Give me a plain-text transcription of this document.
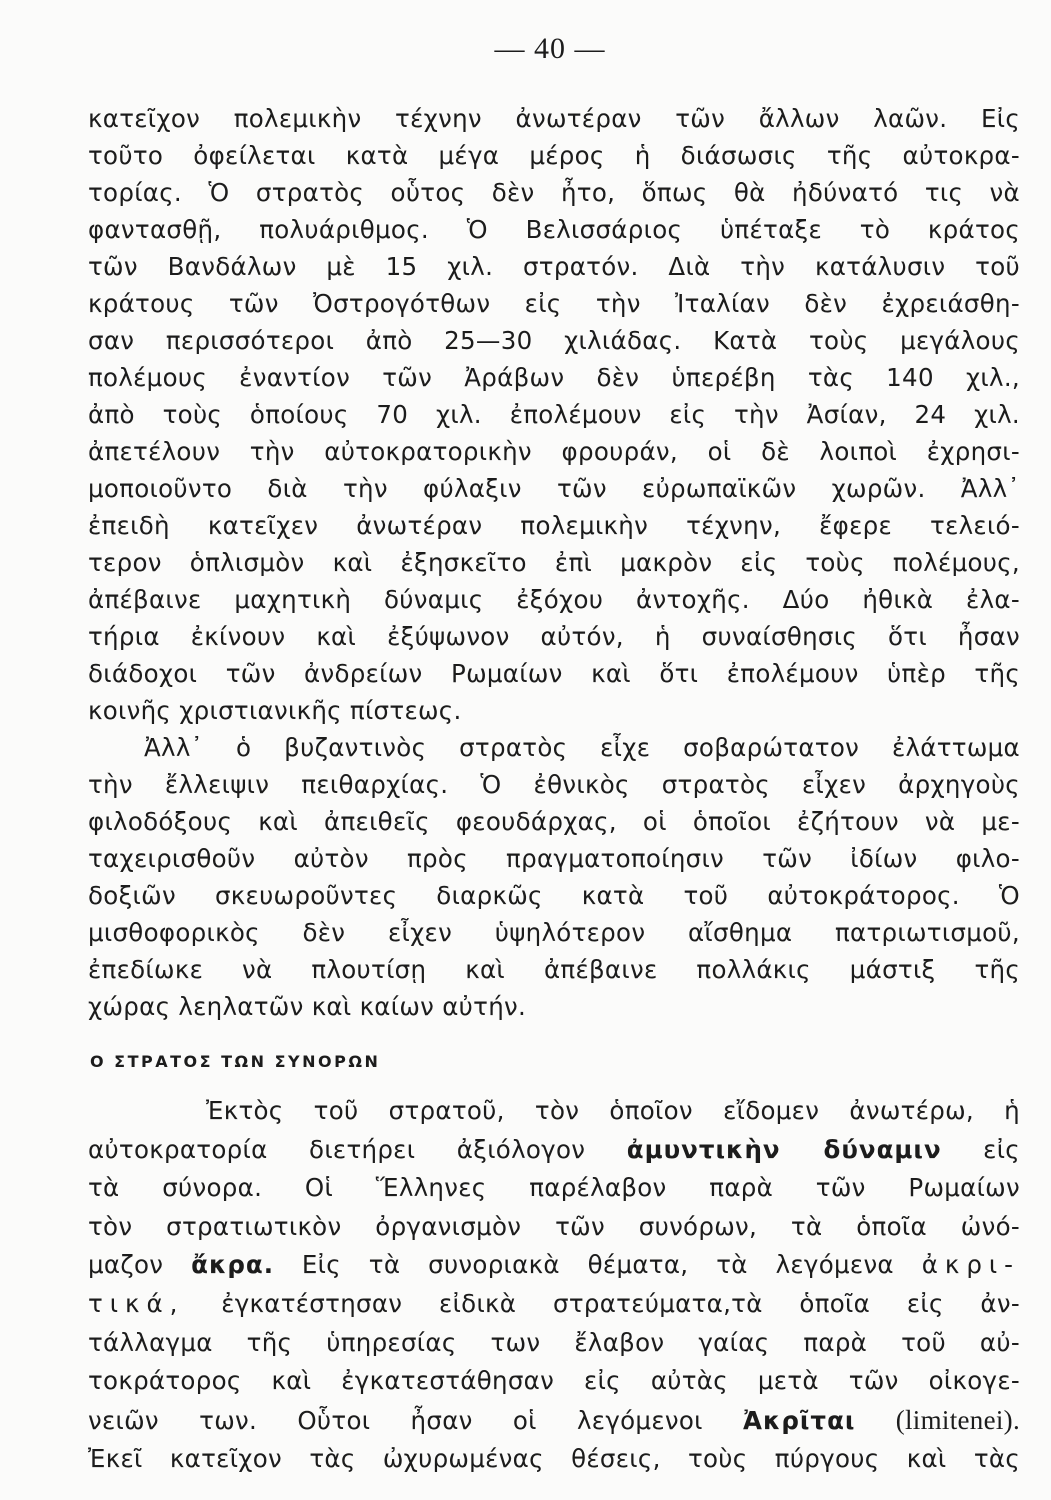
— 40 —
κατεῖχον πολεμικὴν τέχνην ἀνωτέραν τῶν ἄλλων λαῶν. Εἰς
τοῦτο ὀφείλεται κατὰ μέγα μέρος ἡ διάσωσις τῆς αὐτοκρα-
τορίας. Ὁ στρατὸς οὗτος δὲν ἦτο, ὅπως θὰ ἠδύνατό τις νὰ
φαντασθῇ, πολυάριθμος. Ὁ Βελισσάριος ὑπέταξε τὸ κράτος
τῶν Βανδάλων μὲ 15 χιλ. στρατόν. Διὰ τὴν κατάλυσιν τοῦ
κράτους τῶν Ὀστρογότθων εἰς τὴν Ἰταλίαν δὲν ἐχρειάσθη-
σαν περισσότεροι ἀπὸ 25—30 χιλιάδας. Κατὰ τοὺς μεγάλους
πολέμους ἐναντίον τῶν Ἀράβων δὲν ὑπερέβη τὰς 140 χιλ.,
ἀπὸ τοὺς ὁποίους 70 χιλ. ἐπολέμουν εἰς τὴν Ἀσίαν, 24 χιλ.
ἀπετέλουν τὴν αὐτοκρατορικὴν φρουράν, οἱ δὲ λοιποὶ ἐχρησι-
μοποιοῦντο διὰ τὴν φύλαξιν τῶν εὐρωπαϊκῶν χωρῶν. Ἀλλ᾽
ἐπειδὴ κατεῖχεν ἀνωτέραν πολεμικὴν τέχνην, ἔφερε τελειό-
τερον ὁπλισμὸν καὶ ἐξησκεῖτο ἐπὶ μακρὸν εἰς τοὺς πολέμους,
ἀπέβαινε μαχητικὴ δύναμις ἐξόχου ἀντοχῆς. Δύο ἠθικὰ ἐλα-
τήρια ἐκίνουν καὶ ἐξύψωνον αὐτόν, ἡ συναίσθησις ὅτι ἦσαν
διάδοχοι τῶν ἀνδρείων Ρωμαίων καὶ ὅτι ἐπολέμουν ὑπὲρ τῆς
κοινῆς χριστιανικῆς πίστεως.
Ἀλλ᾽ ὁ βυζαντινὸς στρατὸς εἶχε σοβαρώτατον ἐλάττωμα
τὴν ἔλλειψιν πειθαρχίας. Ὁ ἐθνικὸς στρατὸς εἶχεν ἀρχηγοὺς
φιλοδόξους καὶ ἀπειθεῖς φεουδάρχας, οἱ ὁποῖοι ἐζήτουν νὰ με-
ταχειρισθοῦν αὐτὸν πρὸς πραγματοποίησιν τῶν ἰδίων φιλο-
δοξιῶν σκευωροῦντες διαρκῶς κατὰ τοῦ αὐτοκράτορος. Ὁ
μισθοφορικὸς δὲν εἶχεν ὑψηλότερον αἴσθημα πατριωτισμοῦ,
ἐπεδίωκε νὰ πλουτίσῃ καὶ ἀπέβαινε πολλάκις μάστιξ τῆς
χώρας λεηλατῶν καὶ καίων αὐτήν.
Ο ΣΤΡΑΤΟΣ ΤΩΝ ΣΥΝΟΡΩΝ
Ἐκτὸς τοῦ στρατοῦ, τὸν ὁποῖον εἴδομεν ἀνωτέρω, ἡ
αὐτοκρατορία διετήρει ἀξιόλογον ἀμυντικὴν δύναμιν εἰς
τὰ σύνορα. Οἱ Ἕλληνες παρέλαβον παρὰ τῶν Ρωμαίων
τὸν στρατιωτικὸν ὀργανισμὸν τῶν συνόρων, τὰ ὁποῖα ὠνό-
μαζον ἄκρα. Εἰς τὰ συνοριακὰ θέματα, τὰ λεγόμενα ἀκρι-
τικά, ἐγκατέστησαν εἰδικὰ στρατεύματα,τὰ ὁποῖα εἰς ἀν-
τάλλαγμα τῆς ὑπηρεσίας των ἔλαβον γαίας παρὰ τοῦ αὐ-
τοκράτορος καὶ ἐγκατεστάθησαν εἰς αὐτὰς μετὰ τῶν οἰκογε-
νειῶν των. Οὗτοι ἦσαν οἱ λεγόμενοι Ἀκρῖται (limitenei).
Ἐκεῖ κατεῖχον τὰς ὠχυρωμένας θέσεις, τοὺς πύργους καὶ τὰς
